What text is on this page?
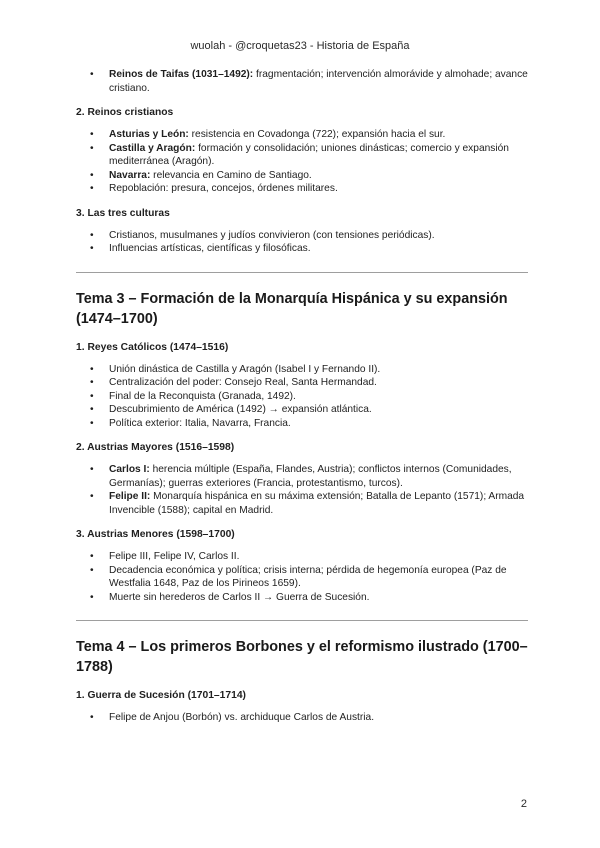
wuolah - @croquetas23 - Historia de España
• Reinos de Taifas (1031–1492): fragmentación; intervención almorávide y almohade; avance cristiano.
2. Reinos cristianos
• Asturias y León: resistencia en Covadonga (722); expansión hacia el sur.
• Castilla y Aragón: formación y consolidación; uniones dinásticas; comercio y expansión mediterránea (Aragón).
• Navarra: relevancia en Camino de Santiago.
• Repoblación: presura, concejos, órdenes militares.
3. Las tres culturas
• Cristianos, musulmanes y judíos convivieron (con tensiones periódicas).
• Influencias artísticas, científicas y filosóficas.
Tema 3 – Formación de la Monarquía Hispánica y su expansión (1474–1700)
1. Reyes Católicos (1474–1516)
• Unión dinástica de Castilla y Aragón (Isabel I y Fernando II).
• Centralización del poder: Consejo Real, Santa Hermandad.
• Final de la Reconquista (Granada, 1492).
• Descubrimiento de América (1492) → expansión atlántica.
• Política exterior: Italia, Navarra, Francia.
2. Austrias Mayores (1516–1598)
• Carlos I: herencia múltiple (España, Flandes, Austria); conflictos internos (Comunidades, Germanías); guerras exteriores (Francia, protestantismo, turcos).
• Felipe II: Monarquía hispánica en su máxima extensión; Batalla de Lepanto (1571); Armada Invencible (1588); capital en Madrid.
3. Austrias Menores (1598–1700)
• Felipe III, Felipe IV, Carlos II.
• Decadencia económica y política; crisis interna; pérdida de hegemonía europea (Paz de Westfalia 1648, Paz de los Pirineos 1659).
• Muerte sin herederos de Carlos II → Guerra de Sucesión.
Tema 4 – Los primeros Borbones y el reformismo ilustrado (1700–1788)
1. Guerra de Sucesión (1701–1714)
• Felipe de Anjou (Borbón) vs. archiduque Carlos de Austria.
2
